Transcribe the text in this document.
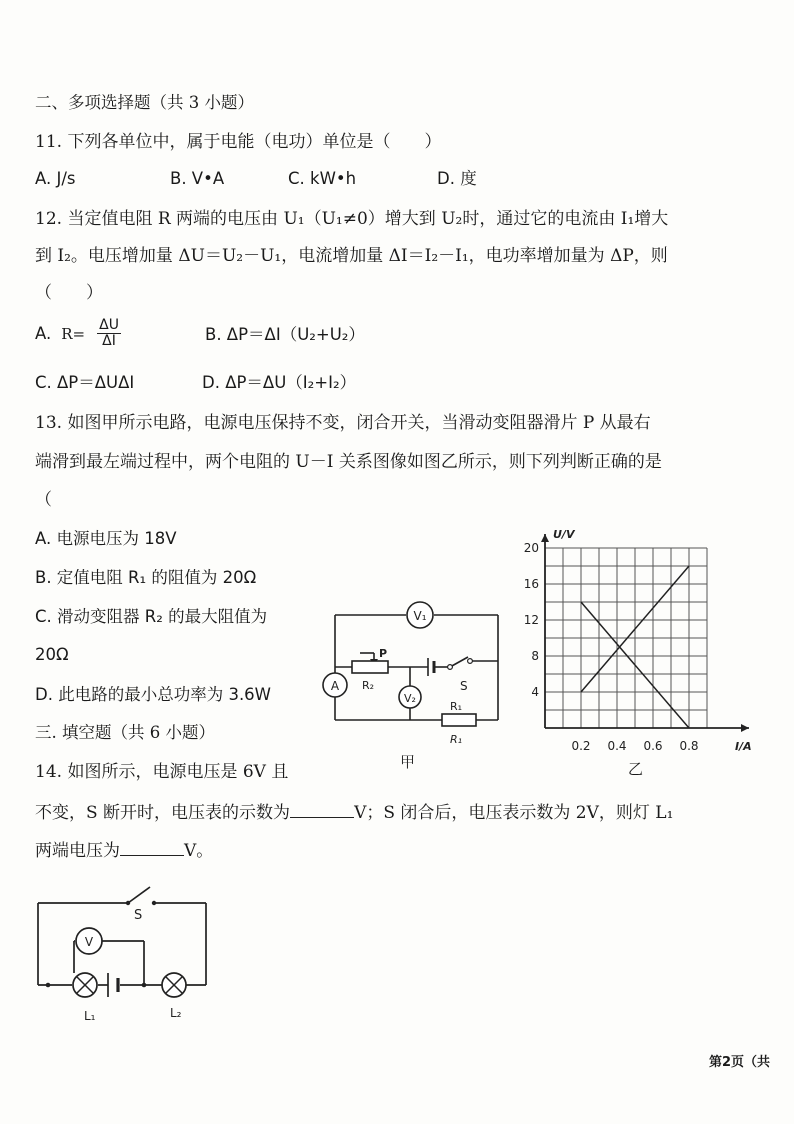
二、多项选择题（共 3 小题）
11. 下列各单位中，属于电能（电功）单位是（　　）
A. J/s	B. V•A	C. kW•h	D. 度
12. 当定值电阻 R 两端的电压由 U₁（U₁≠0）增大到 U₂时，通过它的电流由 I₁增大
到 I₂。电压增加量 ΔU＝U₂－U₁，电流增加量 ΔI＝I₂－I₁，电功率增加量为 ΔP，则
（　　）
A. $R= \frac{\Delta U}{\Delta I}$	B. ΔP＝ΔI（U₂+U₂）
C. ΔP＝ΔUΔI	D. ΔP＝ΔU（I₂+I₂）
13. 如图甲所示电路，电源电压保持不变，闭合开关，当滑动变阻器滑片 P 从最右
端滑到最左端过程中，两个电阻的 U－I 关系图像如图乙所示，则下列判断正确的是
（
A. 电源电压为 18V
B. 定值电阻 R₁ 的阻值为 20Ω
C. 滑动变阻器 R₂ 的最大阻值为
20Ω
D. 此电路的最小总功率为 3.6W
V₁
A
V₂
P
R₂	S
R₁
R₁
甲
U/V
I/A
4
8
12
16
20
0.2 0.4 0.6 0.8
三. 填空题（共 6 小题）
14. 如图所示，电源电压是 6V 且
不变，S 断开时，电压表的示数为	V；S 闭合后，电压表示数为 2V，则灯 L₁
两端电压为	V。
V
S
L₁	L₂
第2页（共
乙
